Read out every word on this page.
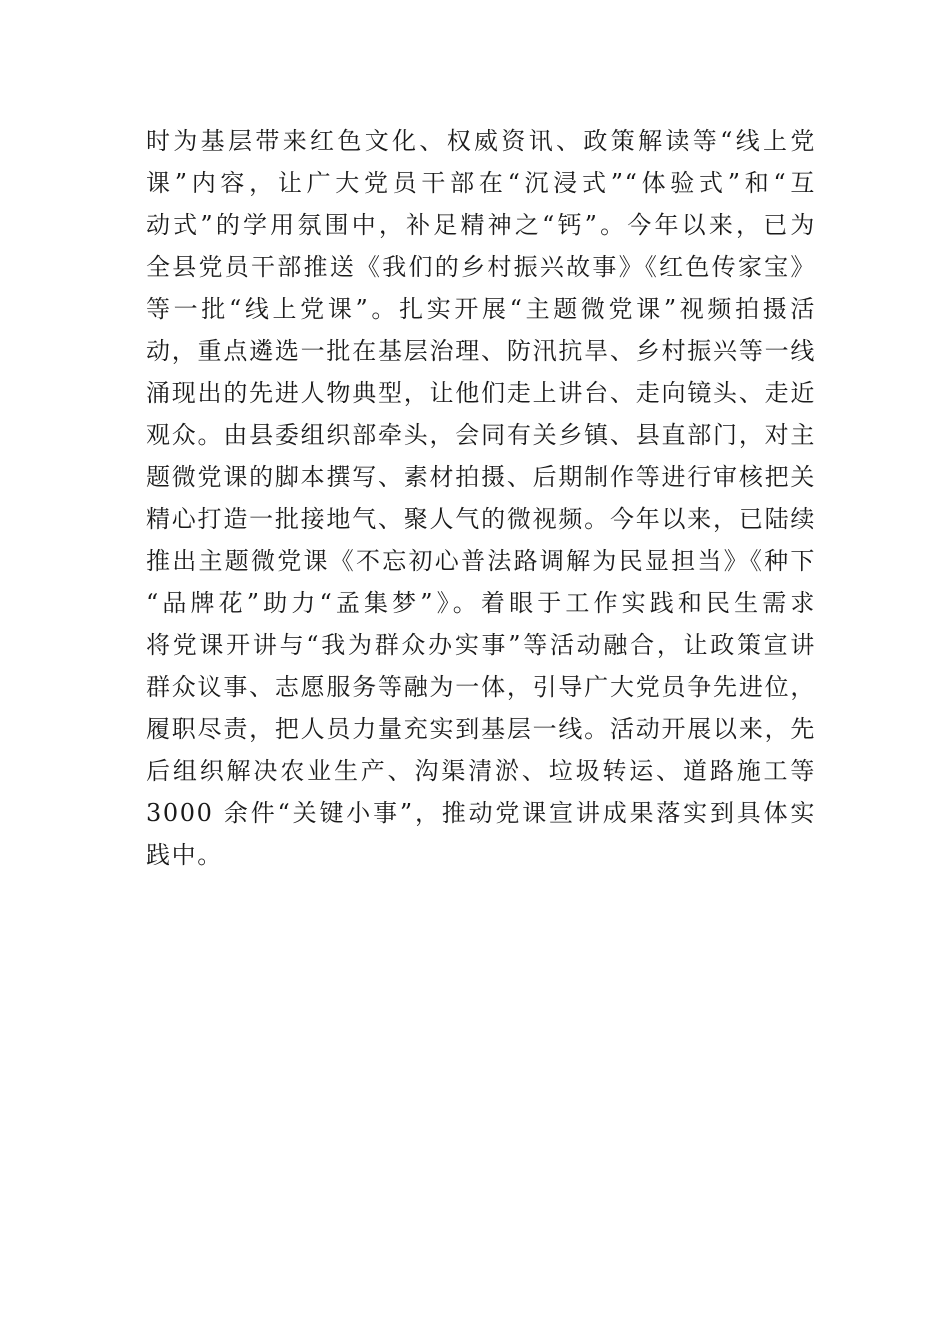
时为基层带来红色文化、权威资讯、政策解读等“线上党
课”内容，让广大党员干部在“沉浸式”“体验式”和“互
动式”的学用氛围中，补足精神之“钙”。今年以来，已为
全县党员干部推送《我们的乡村振兴故事》《红色传家宝》
等一批“线上党课”。扎实开展“主题微党课”视频拍摄活
动，重点遴选一批在基层治理、防汛抗旱、乡村振兴等一线
涌现出的先进人物典型，让他们走上讲台、走向镜头、走近
观众。由县委组织部牵头，会同有关乡镇、县直部门，对主
题微党课的脚本撰写、素材拍摄、后期制作等进行审核把关
精心打造一批接地气、聚人气的微视频。今年以来，已陆续
推出主题微党课《不忘初心普法路调解为民显担当》《种下
“品牌花”助力“孟集梦”》。着眼于工作实践和民生需求
将党课开讲与“我为群众办实事”等活动融合，让政策宣讲
群众议事、志愿服务等融为一体，引导广大党员争先进位，
履职尽责，把人员力量充实到基层一线。活动开展以来，先
后组织解决农业生产、沟渠清淤、垃圾转运、道路施工等
3000 余件“关键小事”，推动党课宣讲成果落实到具体实
践中。
